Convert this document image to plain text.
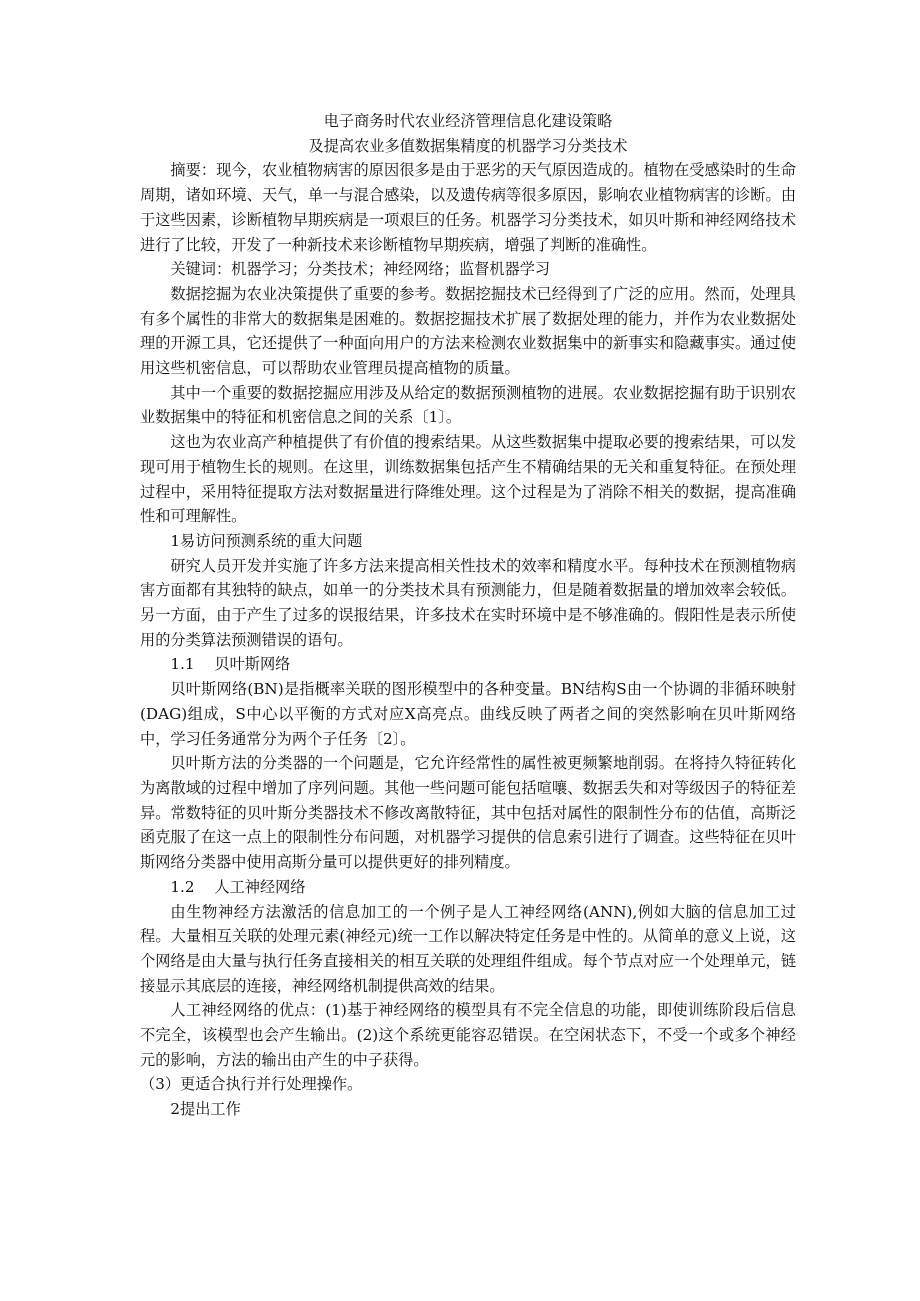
电子商务时代农业经济管理信息化建设策略

及提高农业多值数据集精度的机器学习分类技术

摘要：现今，农业植物病害的原因很多是由于恶劣的天气原因造成的。植物在受感染时的生命周期，诸如环境、天气，单一与混合感染，以及遗传病等很多原因，影响农业植物病害的诊断。由于这些因素，诊断植物早期疾病是一项艰巨的任务。机器学习分类技术，如贝叶斯和神经网络技术进行了比较，开发了一种新技术来诊断植物早期疾病，增强了判断的准确性。

关键词：机器学习；分类技术；神经网络；监督机器学习

数据挖掘为农业决策提供了重要的参考。数据挖掘技术已经得到了广泛的应用。然而，处理具有多个属性的非常大的数据集是困难的。数据挖掘技术扩展了数据处理的能力，并作为农业数据处理的开源工具，它还提供了一种面向用户的方法来检测农业数据集中的新事实和隐藏事实。通过使用这些机密信息，可以帮助农业管理员提高植物的质量。

其中一个重要的数据挖掘应用涉及从给定的数据预测植物的进展。农业数据挖掘有助于识别农业数据集中的特征和机密信息之间的关系〔1〕。

这也为农业高产种植提供了有价值的搜索结果。从这些数据集中提取必要的搜索结果，可以发现可用于植物生长的规则。在这里，训练数据集包括产生不精确结果的无关和重复特征。在预处理过程中，采用特征提取方法对数据量进行降维处理。这个过程是为了消除不相关的数据，提高准确性和可理解性。

1易访问预测系统的重大问题

研究人员开发并实施了许多方法来提高相关性技术的效率和精度水平。每种技术在预测植物病害方面都有其独特的缺点，如单一的分类技术具有预测能力，但是随着数据量的增加效率会较低。另一方面，由于产生了过多的误报结果，许多技术在实时环境中是不够准确的。假阳性是表示所使用的分类算法预测错误的语句。

1.1 贝叶斯网络

贝叶斯网络(BN)是指概率关联的图形模型中的各种变量。BN结构S由一个协调的非循环映射(DAG)组成，S中心以平衡的方式对应X高亮点。曲线反映了两者之间的突然影响在贝叶斯网络中，学习任务通常分为两个子任务〔2〕。

贝叶斯方法的分类器的一个问题是，它允许经常性的属性被更频繁地削弱。在将持久特征转化为离散域的过程中增加了序列问题。其他一些问题可能包括喧嚷、数据丢失和对等级因子的特征差异。常数特征的贝叶斯分类器技术不修改离散特征，其中包括对属性的限制性分布的估值，高斯泛函克服了在这一点上的限制性分布问题，对机器学习提供的信息索引进行了调查。这些特征在贝叶斯网络分类器中使用高斯分量可以提供更好的排列精度。

1.2 人工神经网络

由生物神经方法激活的信息加工的一个例子是人工神经网络(ANN),例如大脑的信息加工过程。大量相互关联的处理元素(神经元)统一工作以解决特定任务是中性的。从简单的意义上说，这个网络是由大量与执行任务直接相关的相互关联的处理组件组成。每个节点对应一个处理单元，链接显示其底层的连接，神经网络机制提供高效的结果。

人工神经网络的优点：(1)基于神经网络的模型具有不完全信息的功能，即使训练阶段后信息不完全，该模型也会产生输出。(2)这个系统更能容忍错误。在空闲状态下，不受一个或多个神经元的影响，方法的输出由产生的中子获得。

（3）更适合执行并行处理操作。

2提出工作
